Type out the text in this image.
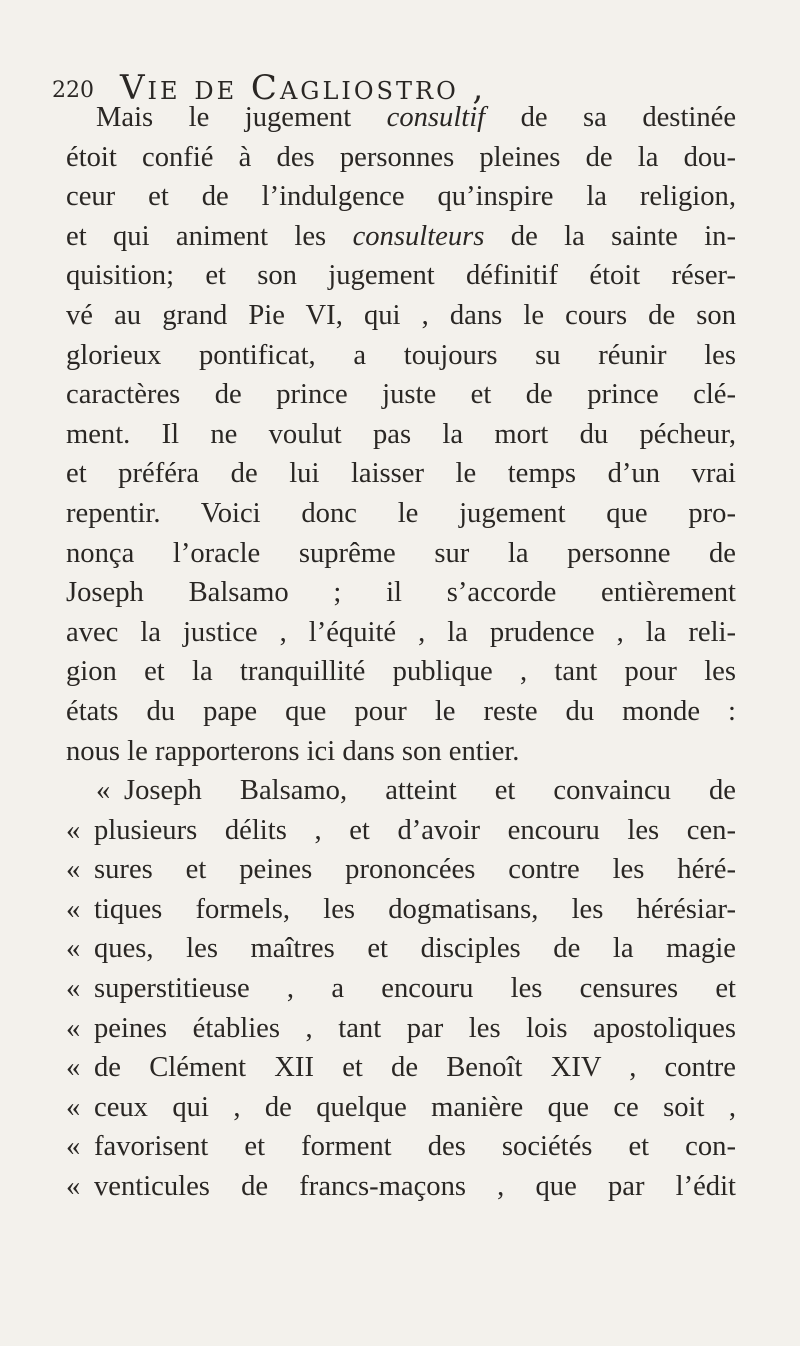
220 Vie de Cagliostro ,
Mais le jugement consultif de sa destinée
étoit confié à des personnes pleines de la dou-
ceur et de l’indulgence qu’inspire la religion,
et qui animent les consulteurs de la sainte in-
quisition; et son jugement définitif étoit réser-
vé au grand Pie VI, qui , dans le cours de son
glorieux pontificat, a toujours su réunir les
caractères de prince juste et de prince clé-
ment. Il ne voulut pas la mort du pécheur,
et préféra de lui laisser le temps d’un vrai
repentir. Voici donc le jugement que pro-
nonça l’oracle suprême sur la personne de
Joseph Balsamo ; il s’accorde entièrement
avec la justice , l’équité , la prudence , la reli-
gion et la tranquillité publique , tant pour les
états du pape que pour le reste du monde :
nous le rapporterons ici dans son entier.
« Joseph Balsamo, atteint et convaincu de
« plusieurs délits , et d’avoir encouru les cen-
« sures et peines prononcées contre les héré-
« tiques formels, les dogmatisans, les hérésiar-
« ques, les maîtres et disciples de la magie
« superstitieuse , a encouru les censures et
« peines établies , tant par les lois apostoliques
« de Clément XII et de Benoît XIV , contre
« ceux qui , de quelque manière que ce soit ,
« favorisent et forment des sociétés et con-
« venticules de francs-maçons , que par l’édit
